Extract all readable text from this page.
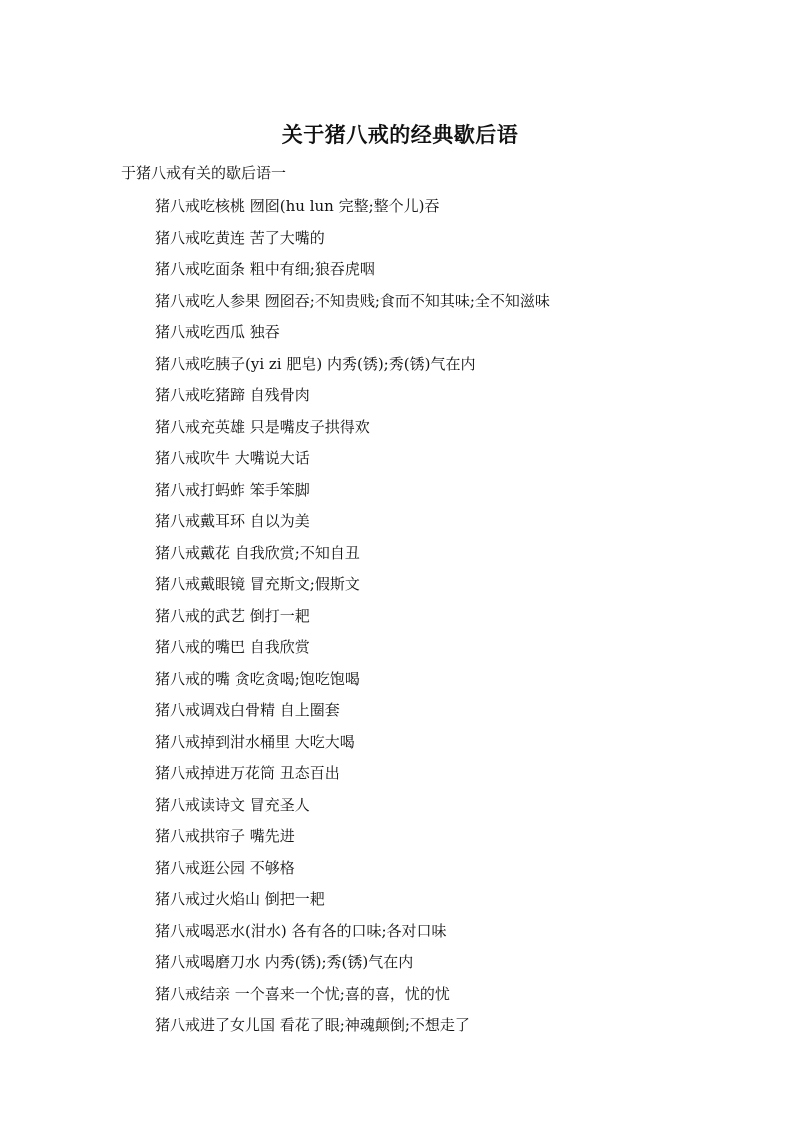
关于猪八戒的经典歇后语
于猪八戒有关的歇后语一
猪八戒吃核桃 囫囵(hu lun 完整;整个儿)吞
猪八戒吃黄连 苦了大嘴的
猪八戒吃面条 粗中有细;狼吞虎咽
猪八戒吃人参果 囫囵吞;不知贵贱;食而不知其味;全不知滋味
猪八戒吃西瓜 独吞
猪八戒吃胰子(yi zi 肥皂) 内秀(锈);秀(锈)气在内
猪八戒吃猪蹄 自残骨肉
猪八戒充英雄 只是嘴皮子拱得欢
猪八戒吹牛 大嘴说大话
猪八戒打蚂蚱 笨手笨脚
猪八戒戴耳环 自以为美
猪八戒戴花 自我欣赏;不知自丑
猪八戒戴眼镜 冒充斯文;假斯文
猪八戒的武艺 倒打一耙
猪八戒的嘴巴 自我欣赏
猪八戒的嘴 贪吃贪喝;饱吃饱喝
猪八戒调戏白骨精 自上圈套
猪八戒掉到泔水桶里 大吃大喝
猪八戒掉进万花筒 丑态百出
猪八戒读诗文 冒充圣人
猪八戒拱帘子 嘴先进
猪八戒逛公园 不够格
猪八戒过火焰山 倒把一耙
猪八戒喝恶水(泔水) 各有各的口味;各对口味
猪八戒喝磨刀水 内秀(锈);秀(锈)气在内
猪八戒结亲 一个喜来一个忧;喜的喜，忧的忧
猪八戒进了女儿国 看花了眼;神魂颠倒;不想走了
